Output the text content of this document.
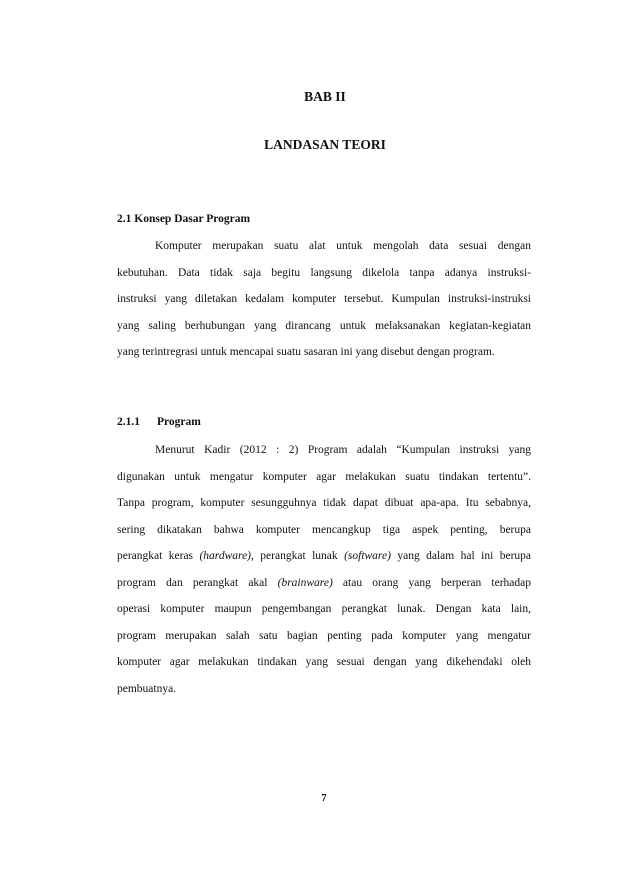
BAB II
LANDASAN TEORI
2.1 Konsep Dasar Program
Komputer merupakan suatu alat untuk mengolah data sesuai dengan
kebutuhan. Data tidak saja begitu langsung dikelola tanpa adanya instruksi-
instruksi yang diletakan kedalam komputer tersebut. Kumpulan instruksi-instruksi
yang saling berhubungan yang dirancang untuk melaksanakan kegiatan-kegiatan
yang terintregrasi untuk mencapai suatu sasaran ini yang disebut dengan program.
2.1.1 Program
Menurut Kadir (2012 : 2) Program adalah “Kumpulan instruksi yang
digunakan untuk mengatur komputer agar melakukan suatu tindakan tertentu”.
Tanpa program, komputer sesungguhnya tidak dapat dibuat apa-apa. Itu sebabnya,
sering dikatakan bahwa komputer mencangkup tiga aspek penting, berupa
perangkat keras (hardware), perangkat lunak (software) yang dalam hal ini berupa
program dan perangkat akal (brainware) atau orang yang berperan terhadap
operasi komputer maupun pengembangan perangkat lunak. Dengan kata lain,
program merupakan salah satu bagian penting pada komputer yang mengatur
komputer agar melakukan tindakan yang sesuai dengan yang dikehendaki oleh
pembuatnya.
7
